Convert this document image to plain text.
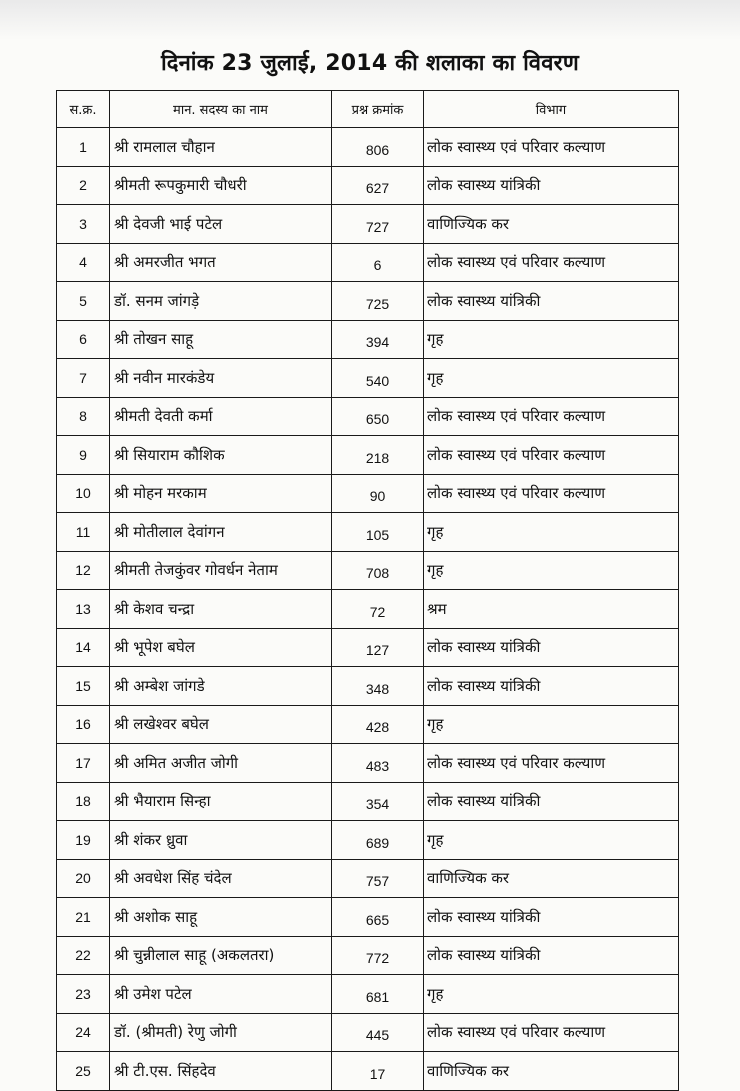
दिनांक 23 जुलाई, 2014 की शलाका का विवरण
स.क्र.	मान. सदस्य का नाम	प्रश्न क्रमांक	विभाग
1	श्री रामलाल चौहान	806	लोक स्वास्थ्य एवं परिवार कल्याण
2	श्रीमती रूपकुमारी चौधरी	627	लोक स्वास्थ्य यांत्रिकी
3	श्री देवजी भाई पटेल	727	वाणिज्यिक कर
4	श्री अमरजीत भगत	6	लोक स्वास्थ्य एवं परिवार कल्याण
5	डॉ. सनम जांगड़े	725	लोक स्वास्थ्य यांत्रिकी
6	श्री तोखन साहू	394	गृह
7	श्री नवीन मारकंडेय	540	गृह
8	श्रीमती देवती कर्मा	650	लोक स्वास्थ्य एवं परिवार कल्याण
9	श्री सियाराम कौशिक	218	लोक स्वास्थ्य एवं परिवार कल्याण
10	श्री मोहन मरकाम	90	लोक स्वास्थ्य एवं परिवार कल्याण
11	श्री मोतीलाल देवांगन	105	गृह
12	श्रीमती तेजकुंवर गोवर्धन नेताम	708	गृह
13	श्री केशव चन्द्रा	72	श्रम
14	श्री भूपेश बघेल	127	लोक स्वास्थ्य यांत्रिकी
15	श्री अम्बेश जांगडे	348	लोक स्वास्थ्य यांत्रिकी
16	श्री लखेश्वर बघेल	428	गृह
17	श्री अमित अजीत जोगी	483	लोक स्वास्थ्य एवं परिवार कल्याण
18	श्री भैयाराम सिन्हा	354	लोक स्वास्थ्य यांत्रिकी
19	श्री शंकर ध्रुवा	689	गृह
20	श्री अवधेश सिंह चंदेल	757	वाणिज्यिक कर
21	श्री अशोक साहू	665	लोक स्वास्थ्य यांत्रिकी
22	श्री चुन्नीलाल साहू (अकलतरा)	772	लोक स्वास्थ्य यांत्रिकी
23	श्री उमेश पटेल	681	गृह
24	डॉ. (श्रीमती) रेणु जोगी	445	लोक स्वास्थ्य एवं परिवार कल्याण
25	श्री टी.एस. सिंहदेव	17	वाणिज्यिक कर
